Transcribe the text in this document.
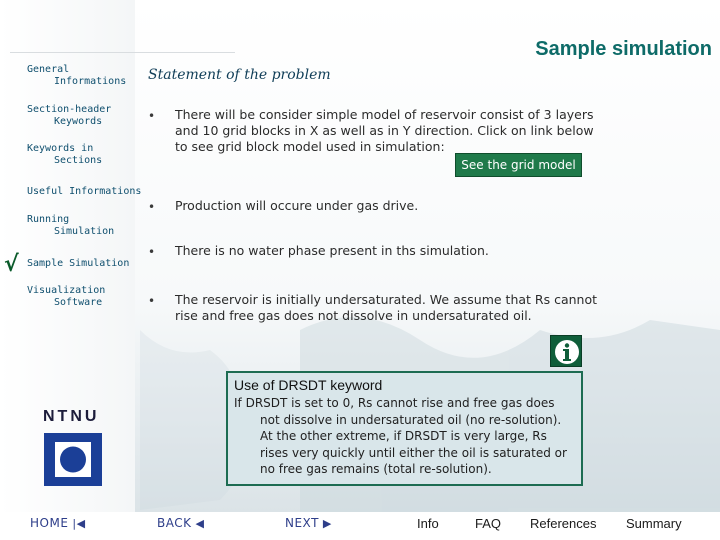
Sample simulation
General
Informations
Section-header
Keywords
Keywords in
Sections
Useful Informations
Running
Simulation
√ Sample Simulation
Visualization
Software
Statement of the problem
• There will be consider simple model of reservoir consist of 3 layers and 10 grid blocks in X as well as in Y direction. Click on link below to see grid block model used in simulation:
See the grid model
• Production will occure under gas drive.
• There is no water phase present in ths simulation.
• The reservoir is initially undersaturated. We assume that Rs cannot rise and free gas does not dissolve in undersaturated oil.
Use of DRSDT keyword
If DRSDT is set to 0, Rs cannot rise and free gas does
not dissolve in undersaturated oil (no re-solution).
At the other extreme, if DRSDT is very large, Rs
rises very quickly until either the oil is saturated or
no free gas remains (total re-solution).
NTNU
HOME |◀	BACK ◀	NEXT ▶	Info	FAQ References Summary
